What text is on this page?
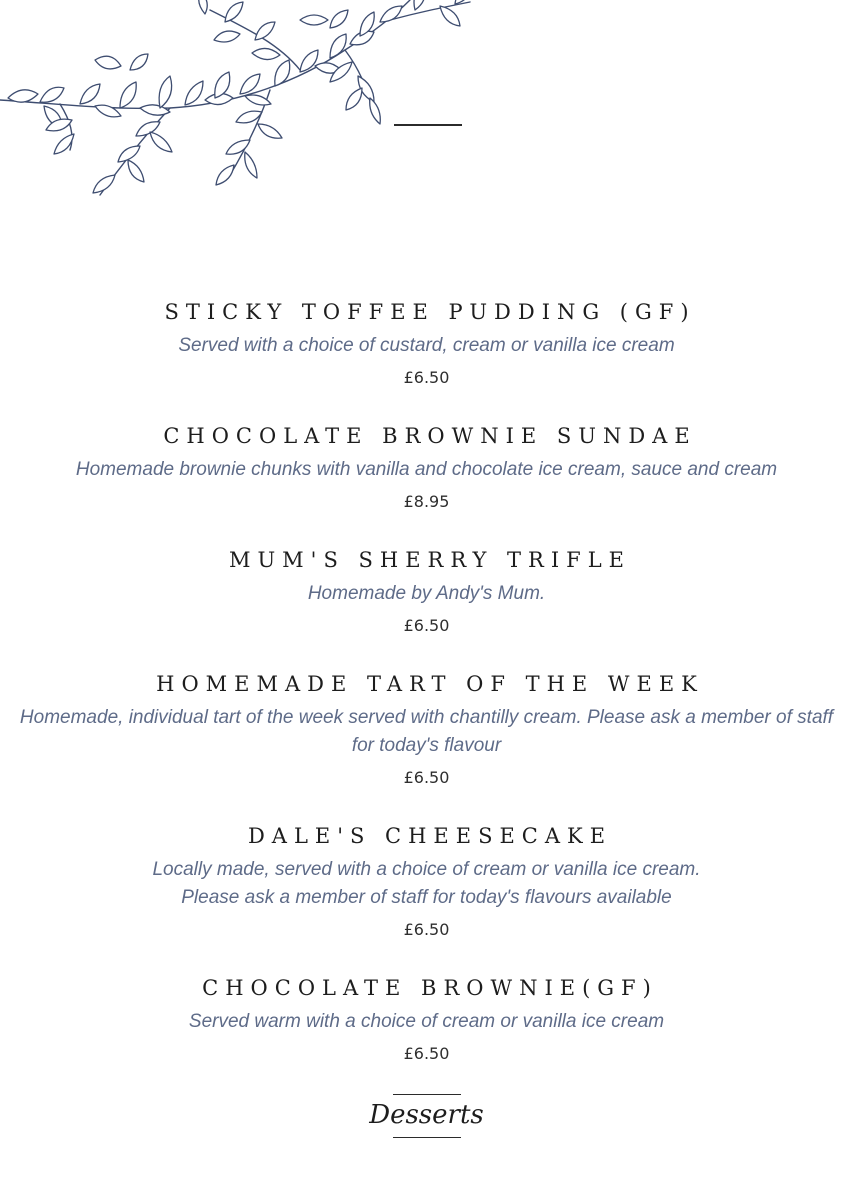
STICKY TOFFEE PUDDING (GF)

Served with a choice of custard, cream or vanilla ice cream

£6.50

CHOCOLATE BROWNIE SUNDAE

Homemade brownie chunks with vanilla and chocolate ice cream, sauce and cream

£8.95

MUM'S SHERRY TRIFLE

Homemade by Andy's Mum.

£6.50

HOMEMADE TART OF THE WEEK

Homemade, individual tart of the week served with chantilly cream. Please ask a member of staff for today's flavour

£6.50

DALE'S CHEESECAKE

Locally made, served with a choice of cream or vanilla ice cream.

Please ask a member of staff for today's flavours available

£6.50

CHOCOLATE BROWNIE(GF)

Served warm with a choice of cream or vanilla ice cream

£6.50

Desserts
